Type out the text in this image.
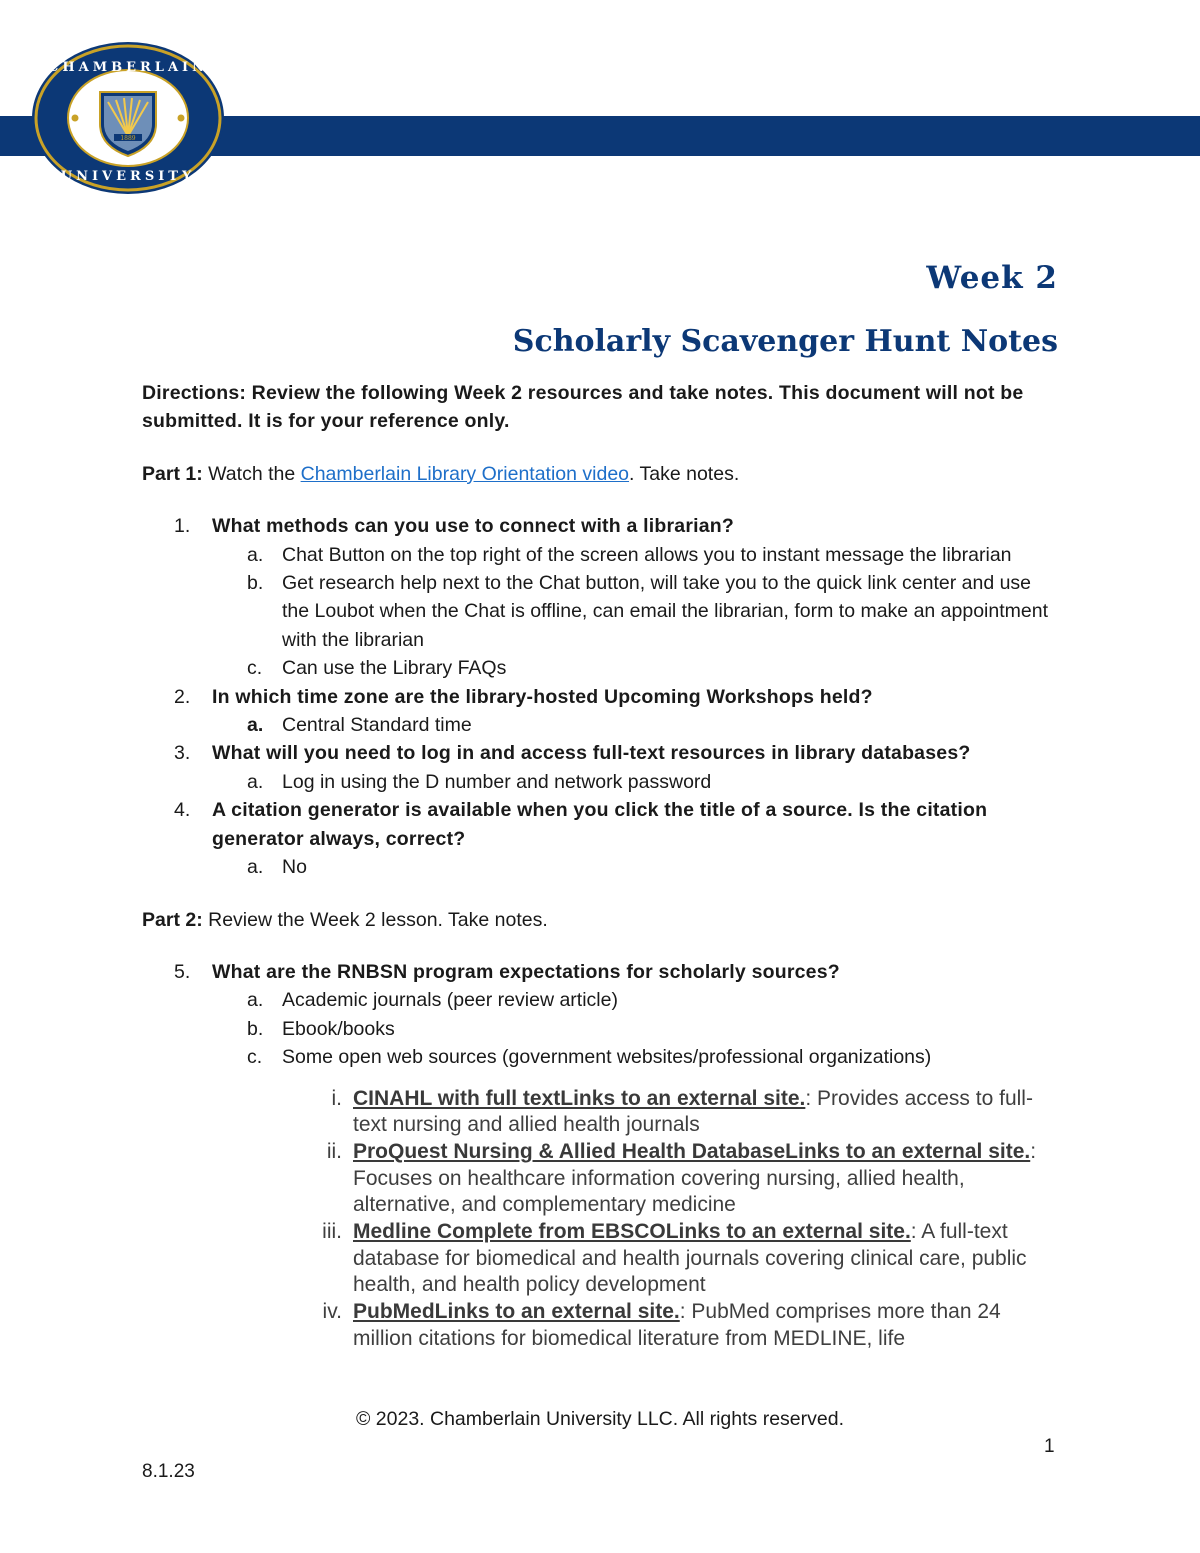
CHAMBERLAIN
UNIVERSITY
1889
Week 2
Scholarly Scavenger Hunt Notes

Directions: Review the following Week 2 resources and take notes. This document will not be submitted. It is for your reference only.

Part 1: Watch the Chamberlain Library Orientation video. Take notes.

1. What methods can you use to connect with a librarian?
a. Chat Button on the top right of the screen allows you to instant message the librarian
b. Get research help next to the Chat button, will take you to the quick link center and use the Loubot when the Chat is offline, can email the librarian, form to make an appointment with the librarian
c. Can use the Library FAQs
2. In which time zone are the library-hosted Upcoming Workshops held?
a. Central Standard time
3. What will you need to log in and access full-text resources in library databases?
a. Log in using the D number and network password
4. A citation generator is available when you click the title of a source. Is the citation generator always, correct?
a. No

Part 2: Review the Week 2 lesson. Take notes.

5. What are the RNBSN program expectations for scholarly sources?
a. Academic journals (peer review article)
b. Ebook/books
c. Some open web sources (government websites/professional organizations)
i. CINAHL with full textLinks to an external site.: Provides access to full-text nursing and allied health journals
ii. ProQuest Nursing & Allied Health DatabaseLinks to an external site.: Focuses on healthcare information covering nursing, allied health, alternative, and complementary medicine
iii. Medline Complete from EBSCOLinks to an external site.: A full-text database for biomedical and health journals covering clinical care, public health, and health policy development
iv. PubMedLinks to an external site.: PubMed comprises more than 24 million citations for biomedical literature from MEDLINE, life
© 2023. Chamberlain University LLC. All rights reserved.
1
8.1.23
